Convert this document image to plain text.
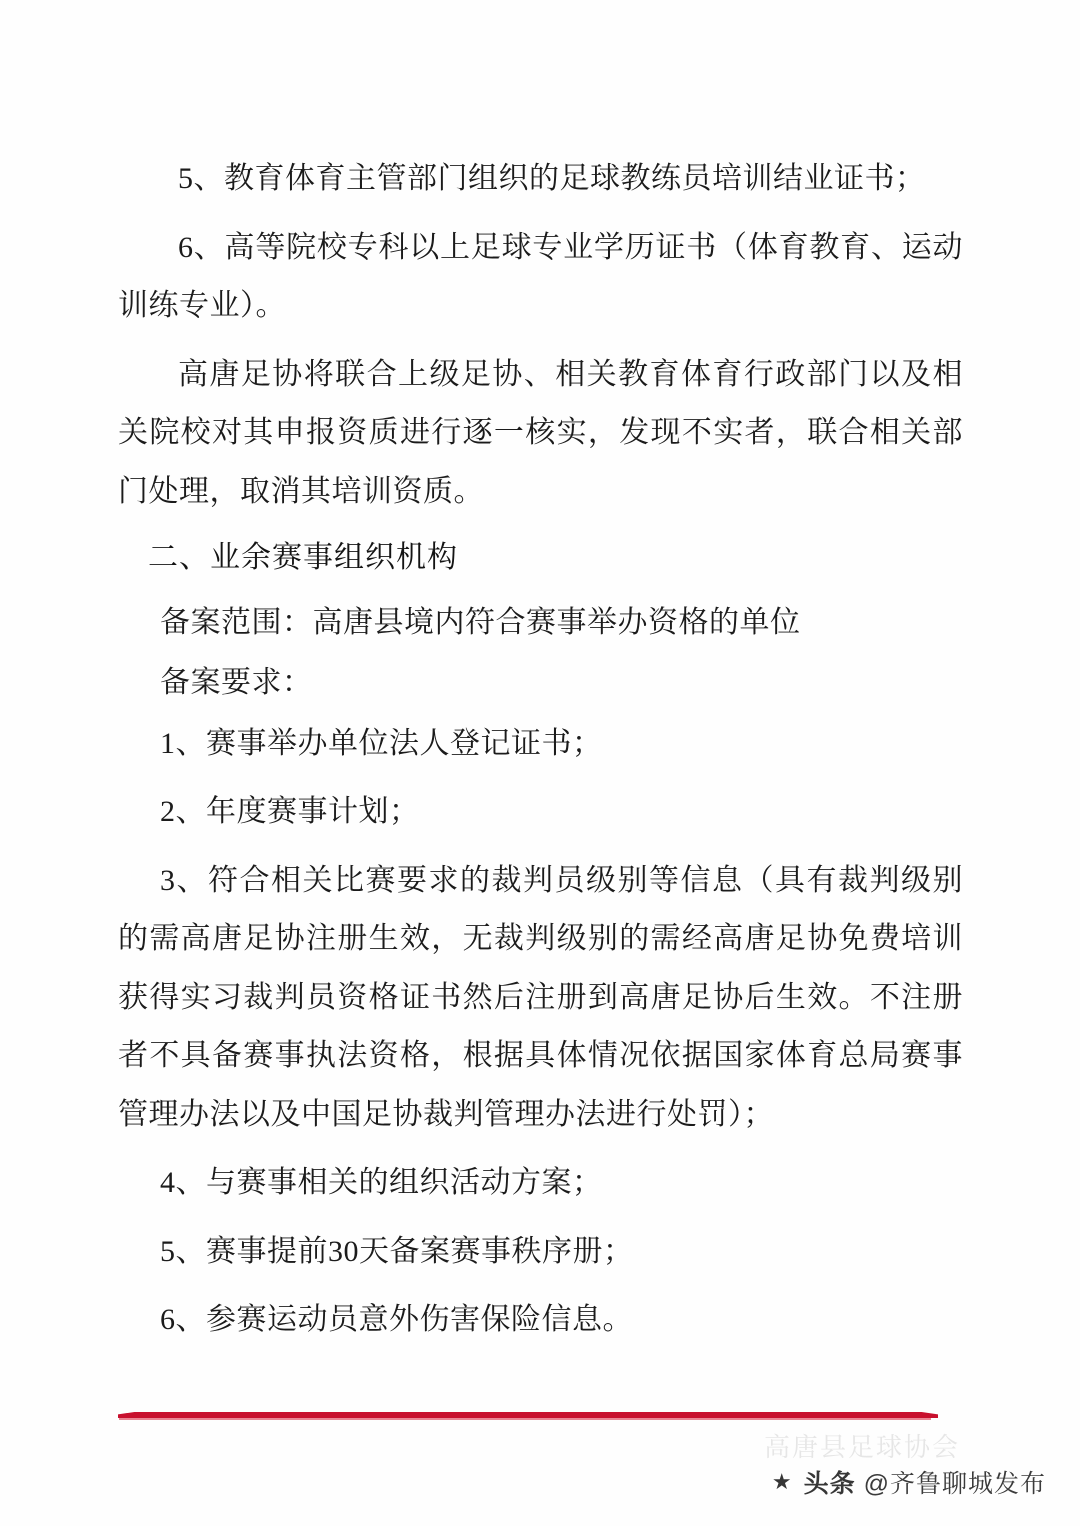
5、教育体育主管部门组织的足球教练员培训结业证书；

6、高等院校专科以上足球专业学历证书（体育教育、运动训练专业）。

高唐足协将联合上级足协、相关教育体育行政部门以及相关院校对其申报资质进行逐一核实，发现不实者，联合相关部门处理，取消其培训资质。

二、业余赛事组织机构

备案范围：高唐县境内符合赛事举办资格的单位

备案要求：

1、赛事举办单位法人登记证书；

2、年度赛事计划；

3、符合相关比赛要求的裁判员级别等信息（具有裁判级别的需高唐足协注册生效，无裁判级别的需经高唐足协免费培训获得实习裁判员资格证书然后注册到高唐足协后生效。不注册者不具备赛事执法资格，根据具体情况依据国家体育总局赛事管理办法以及中国足协裁判管理办法进行处罚）；

4、与赛事相关的组织活动方案；

5、赛事提前30天备案赛事秩序册；

6、参赛运动员意外伤害保险信息。

高唐县足球协会
★ 头条 @齐鲁聊城发布
